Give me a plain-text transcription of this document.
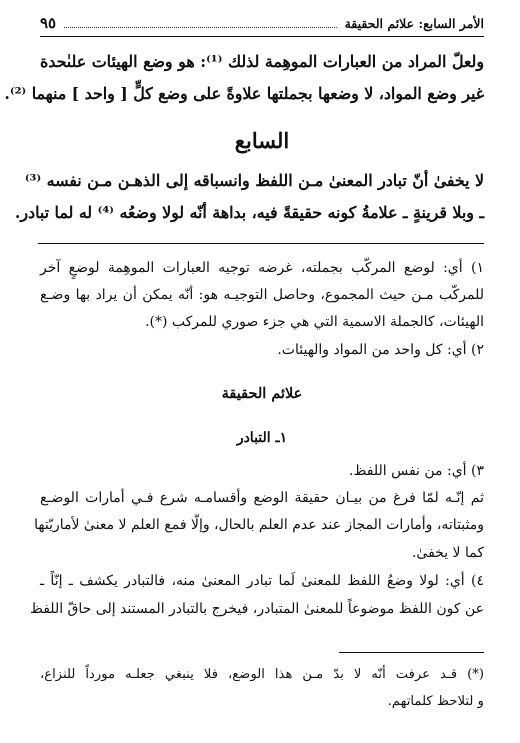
الأمر السابع: علائم الحقيقة
٩٥
ولعلّ المراد من العبارات الموهِمة لذلك ⁽¹⁾: هو وضع الهيئات علىٰحدة
غير وضع المواد، لا وضعها بجملتها علاوةً على وضع كلٍّ [ واحد ] منهما ⁽²⁾.
السابع
لا يخفىٰ أنّ تبادر المعنىٰ مـن اللفظ وانسباقه إلى الذهـن مـن نفسه ⁽³⁾
ـ وبلا قرينةٍ ـ علامةُ كونه حقيقةً فيه، بداهة أنّه لولا وضعُه ⁽⁴⁾ له لما تبادر.
١) أي: لوضع المركّب بجملته، غرضه توجيه العبارات الموهِمة لوضعٍ آخر
للمركّب مـن حيث المجموع، وحاصل التوجيـه هو: أنّه يمكن أن يراد بها وضـع
الهيئات، كالجملة الاسمية التي هي جزء صوري للمركب (*).
٢) أي: كل واحد من المواد والهيئات.
علائم الحقيقة
١ـ التبادر
٣) أي: من نفس اللفظ.
ثم إنّـه لمّا فرغ من بيـان حقيقة الوضع وأقسامـه شرع فـي أمارات الوضـع
ومثبتاته، وأمارات المجاز عند عدم العلم بالحال، وإلّا فمع العلم لا معنىٰ لأماريّتها
كما لا يخفىٰ.
٤) أي: لولا وضعُ اللفظ للمعنىٰ لَما تبادر المعنىٰ منه، فالتبادر يكشف ـ إنّاً ـ
عن كون اللفظ موضوعاً للمعنىٰ المتبادر، فيخرج بالتبادر المستند إلى حاقّ اللفظ
(*) قـد عرفت أنّه لا بدّ مـن هذا الوضع، فلا ينبغي جعلـه مورداً للنزاع،
و لتلاحظ كلماتهم.
